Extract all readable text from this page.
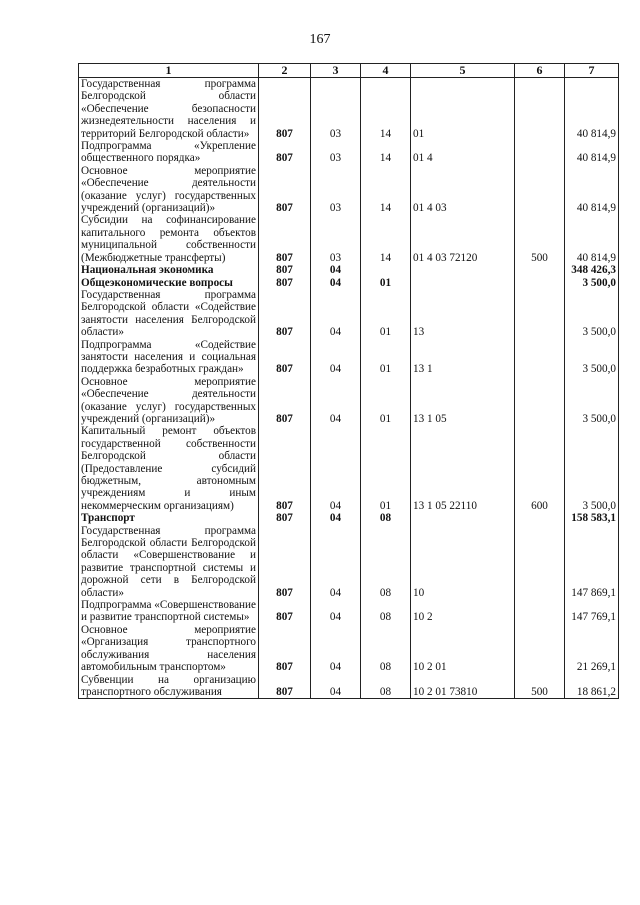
167
1	2	3	4	5	6	7
Государственная программа Белгородской области «Обеспечение безопасности жизнедеятельности населения и территорий Белгородской области»	807	03	14	01		40 814,9
Подпрограмма «Укрепление общественного порядка»	807	03	14	01 4		40 814,9
Основное мероприятие «Обеспечение деятельности (оказание услуг) государственных учреждений (организаций)»	807	03	14	01 4 03		40 814,9
Субсидии на софинансирование капитального ремонта объектов муниципальной собственности (Межбюджетные трансферты)	807	03	14	01 4 03 72120	500	40 814,9
Национальная экономика	807	04				348 426,3
Общеэкономические вопросы	807	04	01			3 500,0
Государственная программа Белгородской области «Содействие занятости населения Белгородской области»	807	04	01	13		3 500,0
Подпрограмма «Содействие занятости населения и социальная поддержка безработных граждан»	807	04	01	13 1		3 500,0
Основное мероприятие «Обеспечение деятельности (оказание услуг) государственных учреждений (организаций)»	807	04	01	13 1 05		3 500,0
Капитальный ремонт объектов государственной собственности Белгородской области (Предоставление субсидий бюджетным, автономным учреждениям и иным некоммерческим организациям)	807	04	01	13 1 05 22110	600	3 500,0
Транспорт	807	04	08			158 583,1
Государственная программа Белгородской области Белгородской области «Совершенствование и развитие транспортной системы и дорожной сети в Белгородской области»	807	04	08	10		147 869,1
Подпрограмма «Совершенствование и развитие транспортной системы»	807	04	08	10 2		147 769,1
Основное мероприятие «Организация транспортного обслуживания населения автомобильным транспортом»	807	04	08	10 2 01		21 269,1
Субвенции на организацию транспортного обслуживания	807	04	08	10 2 01 73810	500	18 861,2
